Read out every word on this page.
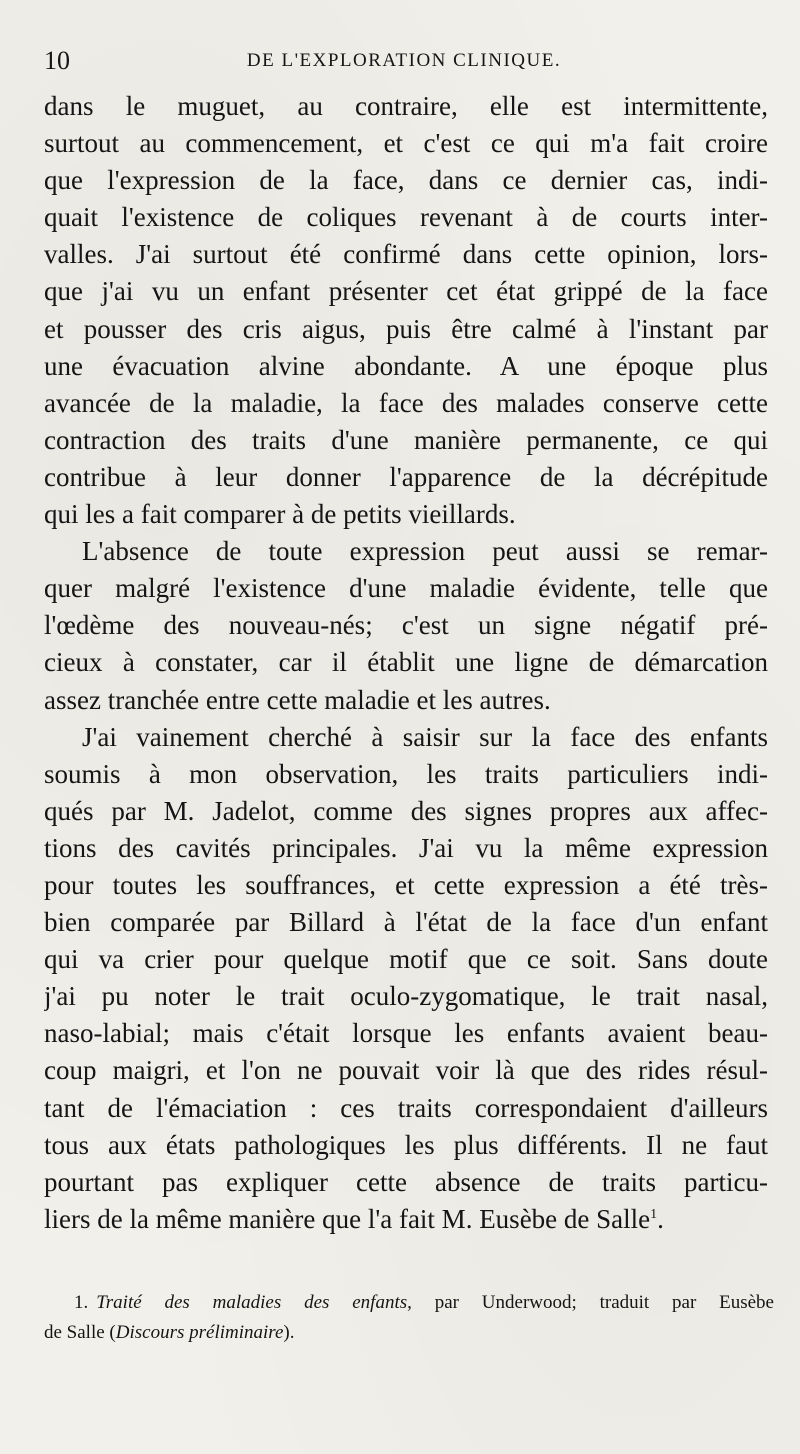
10	DE L'EXPLORATION CLINIQUE.
dans le muguet, au contraire, elle est intermittente,
surtout au commencement, et c'est ce qui m'a fait croire
que l'expression de la face, dans ce dernier cas, indi-
quait l'existence de coliques revenant à de courts inter-
valles. J'ai surtout été confirmé dans cette opinion, lors-
que j'ai vu un enfant présenter cet état grippé de la face
et pousser des cris aigus, puis être calmé à l'instant par
une évacuation alvine abondante. A une époque plus
avancée de la maladie, la face des malades conserve cette
contraction des traits d'une manière permanente, ce qui
contribue à leur donner l'apparence de la décrépitude
qui les a fait comparer à de petits vieillards.
L'absence de toute expression peut aussi se remar-
quer malgré l'existence d'une maladie évidente, telle que
l'œdème des nouveau-nés; c'est un signe négatif pré-
cieux à constater, car il établit une ligne de démarcation
assez tranchée entre cette maladie et les autres.
J'ai vainement cherché à saisir sur la face des enfants
soumis à mon observation, les traits particuliers indi-
qués par M. Jadelot, comme des signes propres aux affec-
tions des cavités principales. J'ai vu la même expression
pour toutes les souffrances, et cette expression a été très-
bien comparée par Billard à l'état de la face d'un enfant
qui va crier pour quelque motif que ce soit. Sans doute
j'ai pu noter le trait oculo-zygomatique, le trait nasal,
naso-labial; mais c'était lorsque les enfants avaient beau-
coup maigri, et l'on ne pouvait voir là que des rides résul-
tant de l'émaciation : ces traits correspondaient d'ailleurs
tous aux états pathologiques les plus différents. Il ne faut
pourtant pas expliquer cette absence de traits particu-
liers de la même manière que l'a fait M. Eusèbe de Salle$^1$.
1. Traité des maladies des enfants, par Underwood; traduit par Eusèbe
de Salle (Discours préliminaire).
